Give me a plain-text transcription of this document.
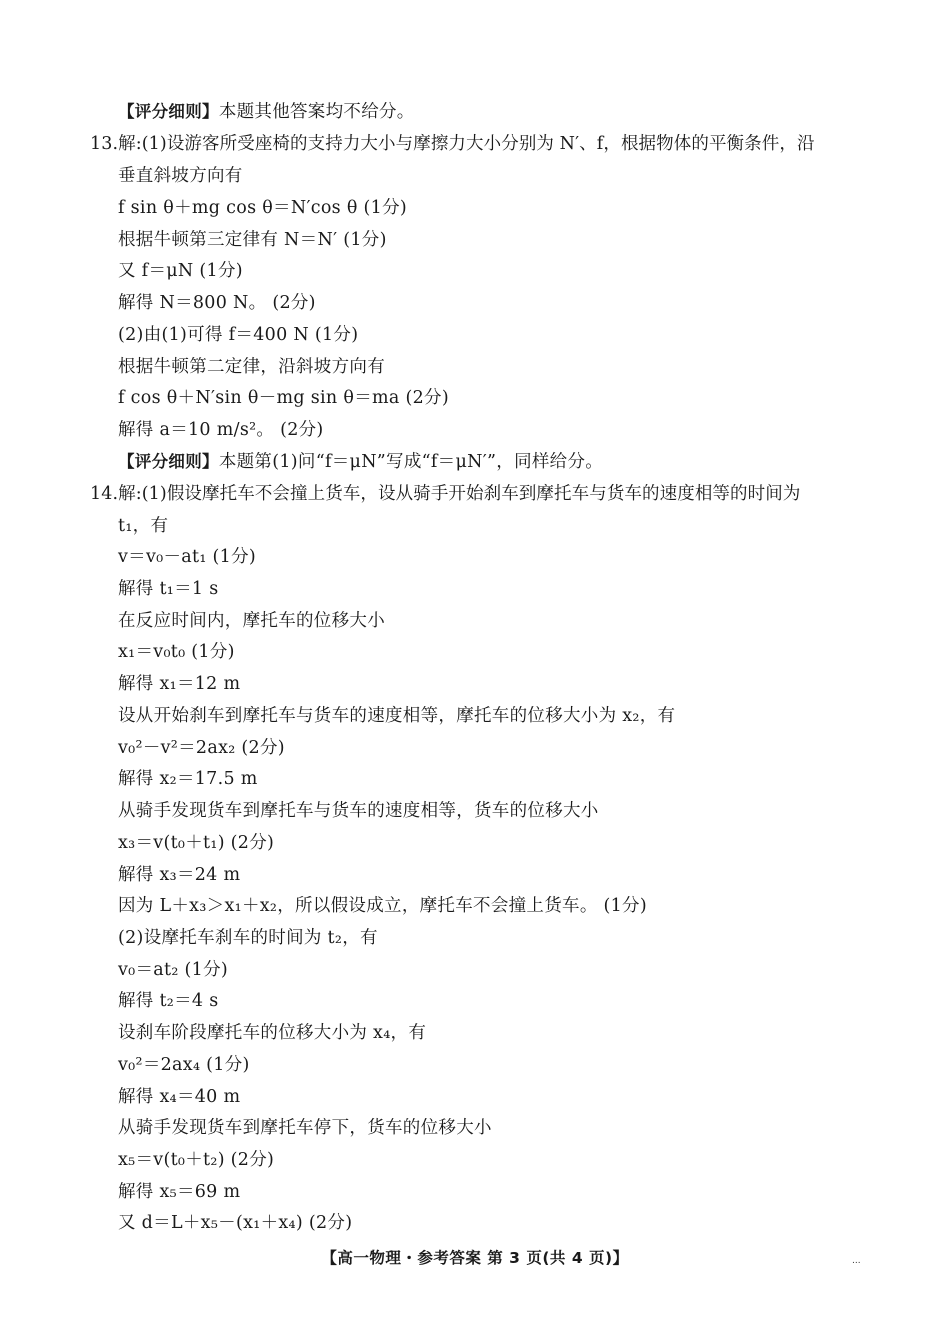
【评分细则】本题其他答案均不给分。
13.解:(1)设游客所受座椅的支持力大小与摩擦力大小分别为 N′、f，根据物体的平衡条件，沿
垂直斜坡方向有
f sin θ＋mg cos θ＝N′cos θ (1分)
根据牛顿第三定律有 N＝N′ (1分)
又 f＝μN (1分)
解得 N＝800 N。 (2分)
(2)由(1)可得 f＝400 N (1分)
根据牛顿第二定律，沿斜坡方向有
f cos θ＋N′sin θ－mg sin θ＝ma (2分)
解得 a＝10 m/s²。 (2分)
【评分细则】本题第(1)问“f＝μN”写成“f＝μN′”，同样给分。
14.解:(1)假设摩托车不会撞上货车，设从骑手开始刹车到摩托车与货车的速度相等的时间为
t₁，有
v＝v₀－at₁ (1分)
解得 t₁＝1 s
在反应时间内，摩托车的位移大小
x₁＝v₀t₀ (1分)
解得 x₁＝12 m
设从开始刹车到摩托车与货车的速度相等，摩托车的位移大小为 x₂，有
v₀²－v²＝2ax₂ (2分)
解得 x₂＝17.5 m
从骑手发现货车到摩托车与货车的速度相等，货车的位移大小
x₃＝v(t₀＋t₁) (2分)
解得 x₃＝24 m
因为 L＋x₃＞x₁＋x₂，所以假设成立，摩托车不会撞上货车。 (1分)
(2)设摩托车刹车的时间为 t₂，有
v₀＝at₂ (1分)
解得 t₂＝4 s
设刹车阶段摩托车的位移大小为 x₄，有
v₀²＝2ax₄ (1分)
解得 x₄＝40 m
从骑手发现货车到摩托车停下，货车的位移大小
x₅＝v(t₀＋t₂) (2分)
解得 x₅＝69 m
又 d＝L＋x₅－(x₁＋x₄) (2分)
【高一物理・参考答案 第 3 页(共 4 页)】	...
